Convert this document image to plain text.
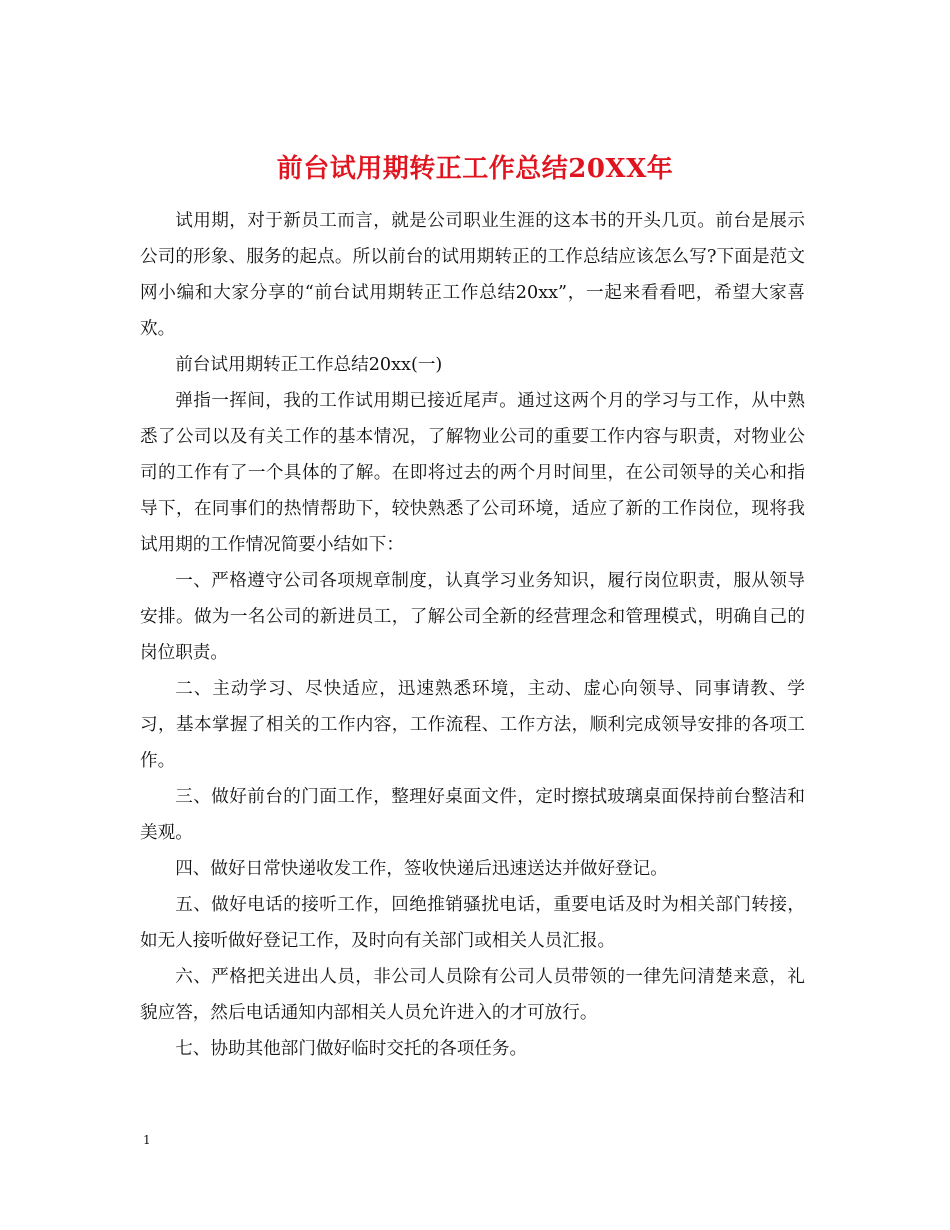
前台试用期转正工作总结20XX年

试用期，对于新员工而言，就是公司职业生涯的这本书的开头几页。前台是展示公司的形象、服务的起点。所以前台的试用期转正的工作总结应该怎么写?下面是范文网小编和大家分享的“前台试用期转正工作总结20xx”，一起来看看吧，希望大家喜欢。

前台试用期转正工作总结20xx(一)

弹指一挥间，我的工作试用期已接近尾声。通过这两个月的学习与工作，从中熟悉了公司以及有关工作的基本情况，了解物业公司的重要工作内容与职责，对物业公司的工作有了一个具体的了解。在即将过去的两个月时间里，在公司领导的关心和指导下，在同事们的热情帮助下，较快熟悉了公司环境，适应了新的工作岗位，现将我试用期的工作情况简要小结如下：

一、严格遵守公司各项规章制度，认真学习业务知识，履行岗位职责，服从领导安排。做为一名公司的新进员工，了解公司全新的经营理念和管理模式，明确自己的岗位职责。

二、主动学习、尽快适应，迅速熟悉环境，主动、虚心向领导、同事请教、学习，基本掌握了相关的工作内容，工作流程、工作方法，顺利完成领导安排的各项工作。

三、做好前台的门面工作，整理好桌面文件，定时擦拭玻璃桌面保持前台整洁和美观。

四、做好日常快递收发工作，签收快递后迅速送达并做好登记。

五、做好电话的接听工作，回绝推销骚扰电话，重要电话及时为相关部门转接，如无人接听做好登记工作，及时向有关部门或相关人员汇报。

六、严格把关进出人员，非公司人员除有公司人员带领的一律先问清楚来意，礼貌应答，然后电话通知内部相关人员允许进入的才可放行。

七、协助其他部门做好临时交托的各项任务。

1
